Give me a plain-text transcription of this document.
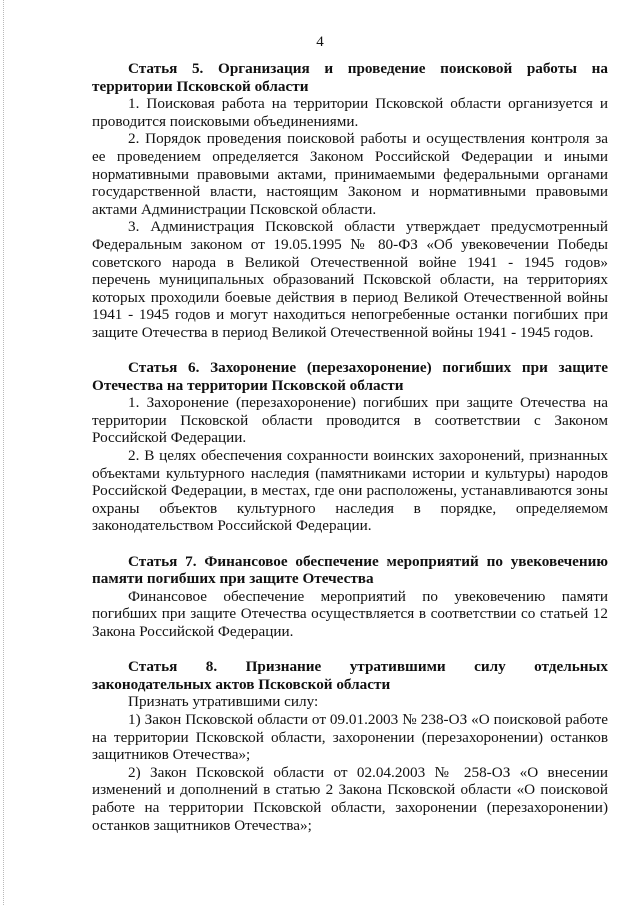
4

Статья 5. Организация и проведение поисковой работы на территории Псковской области

1. Поисковая работа на территории Псковской области организуется и проводится поисковыми объединениями.

2. Порядок проведения поисковой работы и осуществления контроля за ее проведением определяется Законом Российской Федерации и иными нормативными правовыми актами, принимаемыми федеральными органами государственной власти, настоящим Законом и нормативными правовыми актами Администрации Псковской области.

3. Администрация Псковской области утверждает предусмотренный Федеральным законом от 19.05.1995 № 80-ФЗ «Об увековечении Победы советского народа в Великой Отечественной войне 1941 - 1945 годов» перечень муниципальных образований Псковской области, на территориях которых проходили боевые действия в период Великой Отечественной войны 1941 - 1945 годов и могут находиться непогребенные останки погибших при защите Отечества в период Великой Отечественной войны 1941 - 1945 годов.

Статья 6. Захоронение (перезахоронение) погибших при защите Отечества на территории Псковской области

1. Захоронение (перезахоронение) погибших при защите Отечества на территории Псковской области проводится в соответствии с Законом Российской Федерации.

2. В целях обеспечения сохранности воинских захоронений, признанных объектами культурного наследия (памятниками истории и культуры) народов Российской Федерации, в местах, где они расположены, устанавливаются зоны охраны объектов культурного наследия в порядке, определяемом законодательством Российской Федерации.

Статья 7. Финансовое обеспечение мероприятий по увековечению памяти погибших при защите Отечества

Финансовое обеспечение мероприятий по увековечению памяти погибших при защите Отечества осуществляется в соответствии со статьей 12 Закона Российской Федерации.

Статья 8. Признание утратившими силу отдельных законодательных актов Псковской области

Признать утратившими силу:

1) Закон Псковской области от 09.01.2003 № 238-ОЗ «О поисковой работе на территории Псковской области, захоронении (перезахоронении) останков защитников Отечества»;

2) Закон Псковской области от 02.04.2003 № 258-ОЗ «О внесении изменений и дополнений в статью 2 Закона Псковской области «О поисковой работе на территории Псковской области, захоронении (перезахоронении) останков защитников Отечества»;
